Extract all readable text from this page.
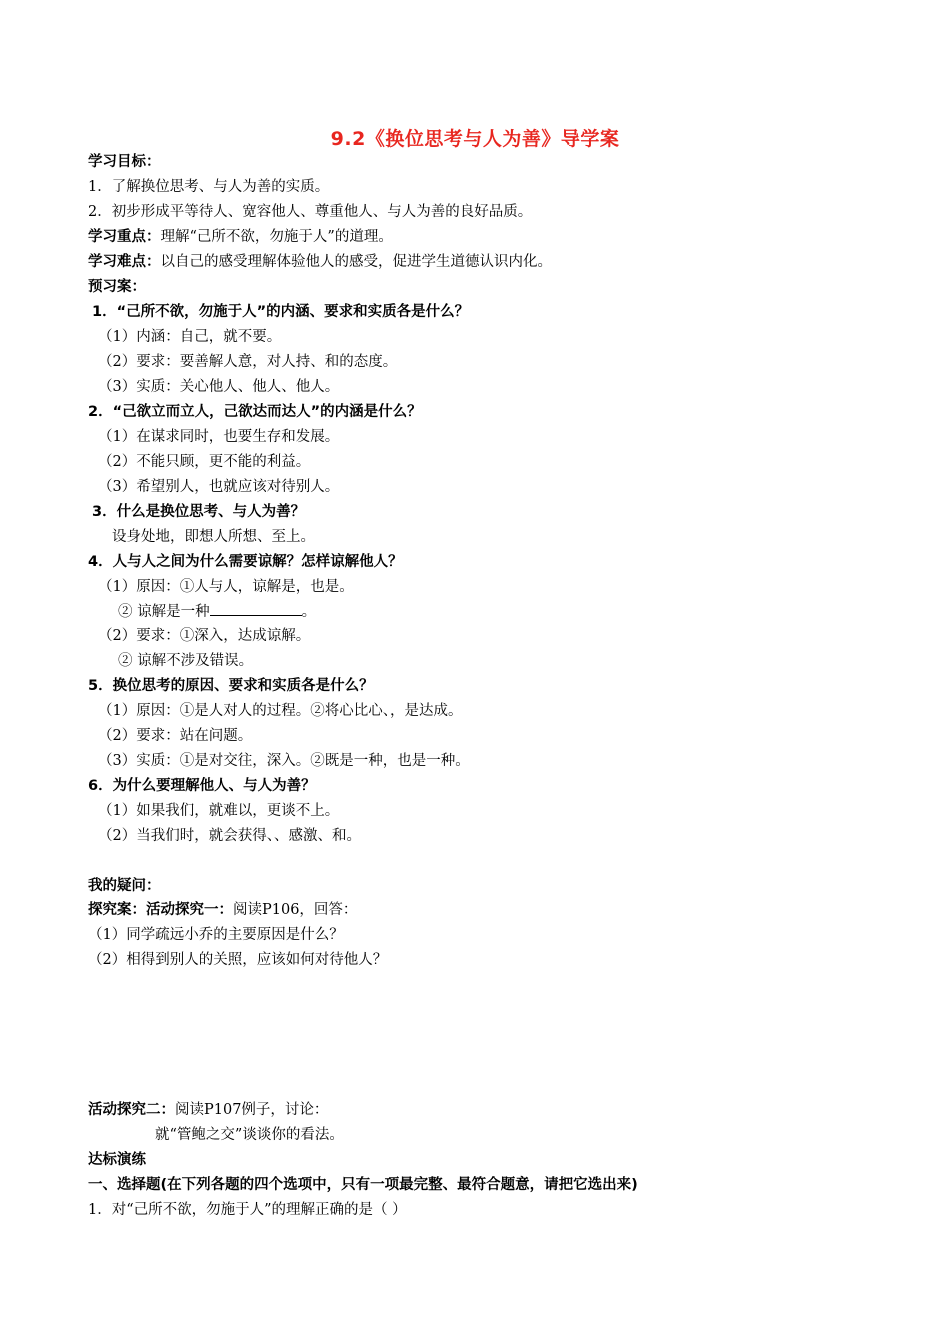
9.2《换位思考与人为善》导学案
学习目标：
1．了解换位思考、与人为善的实质。
2．初步形成平等待人、宽容他人、尊重他人、与人为善的良好品质。
学习重点：理解“己所不欲，勿施于人”的道理。
学习难点：以自己的感受理解体验他人的感受，促进学生道德认识内化。
预习案：
1．“己所不欲，勿施于人”的内涵、要求和实质各是什么？
（1）内涵：自己，就不要。
（2）要求：要善解人意，对人持、和的态度。
（3）实质：关心他人、他人、他人。
2．“己欲立而立人，己欲达而达人”的内涵是什么？
（1）在谋求同时，也要生存和发展。
（2）不能只顾，更不能的利益。
（3）希望别人，也就应该对待别人。
3．什么是换位思考、与人为善？
设身处地，即想人所想、至上。
4．人与人之间为什么需要谅解？怎样谅解他人？
（1）原因：①人与人，谅解是，也是。
② 谅解是一种	。
（2）要求：①深入，达成谅解。
② 谅解不涉及错误。
5．换位思考的原因、要求和实质各是什么？
（1）原因：①是人对人的过程。②将心比心、，是达成。
（2）要求：站在问题。
（3）实质：①是对交往，深入。②既是一种，也是一种。
6．为什么要理解他人、与人为善？
（1）如果我们，就难以，更谈不上。
（2）当我们时，就会获得、、感激、和。
我的疑问：
探究案：活动探究一：阅读P106，回答：
（1）同学疏远小乔的主要原因是什么？
（2）相得到别人的关照，应该如何对待他人？
活动探究二：阅读P107例子，讨论：
就“管鲍之交”谈谈你的看法。
达标演练
一、选择题(在下列各题的四个选项中，只有一项最完整、最符合题意，请把它选出来)
1．对“己所不欲，勿施于人”的理解正确的是（ ）
